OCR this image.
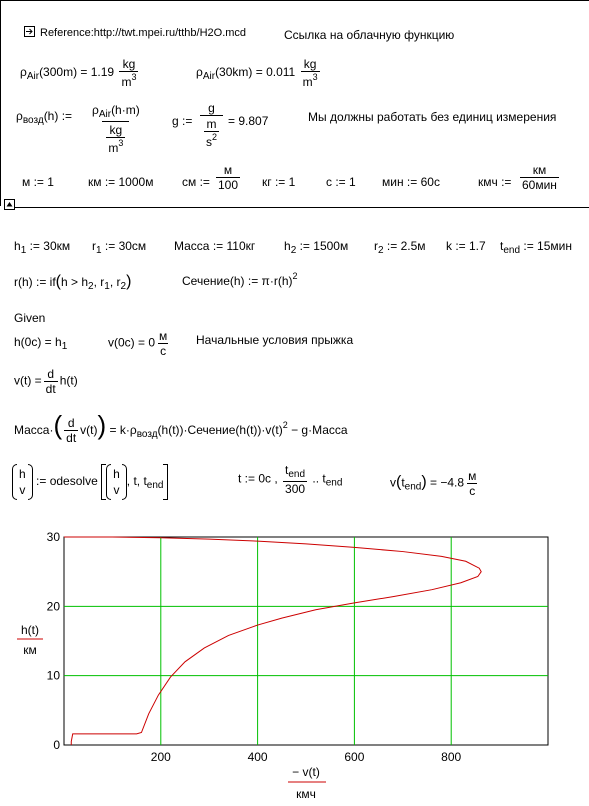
Reference:http://twt.mpei.ru/tthb/H2O.mcd	Ссылка на облачную функцию
$\rho_{Air}(300m) = 1.19 \frac{kg}{m^3}$	$\rho_{Air}(30km) = 0.011 \frac{kg}{m^3}$
$\rho_{возд}(h)$ := $\frac{\rho_{Air}(h\cdot m)}{\frac{kg}{m^3}}$	g := $\frac{g}{\frac{m}{s^2}} = 9.807$	Мы должны работать без единиц измерения
м := 1	км := 1000м см := $\frac{м}{100}$ кг := 1	с := 1 мин := 60с	кмч := $\frac{км}{\text{60мин}}$
$h_1$ := 30км $r_1$ := 30см Масса := 110кг $h_2$ := 1500м $r_2$ := 2.5м k := 1.7 $t_{end}$ := 15мин
r(h) := $if(h > h_2$, $r_1$, $r_2$)	Сечение(h) := $\pi\cdot r(h)^2$
Given
$h(0с) = h_1$	$v(0с) = 0 \frac{м}{с}$ Начальные условия прыжка
$v(t) = \frac{d}{dt} h(t)$
Масса·( $\frac{d}{dt} v(t)$) = $k\cdot\rho_{возд}(h(t))\cdot Сечение(h(t))\cdot v(t)^2$ − g·Масса
h
v
:= odesolve
h
v
, t, $t_{end}$	t := 0с , $\frac{t_{end}}{300}$ .. $t_{end}$	$v(t_{end}) = -4.8 \frac{м}{с}$
200	400	600	800
0
10
20
30
h(t)
км
− v(t)
кмч
